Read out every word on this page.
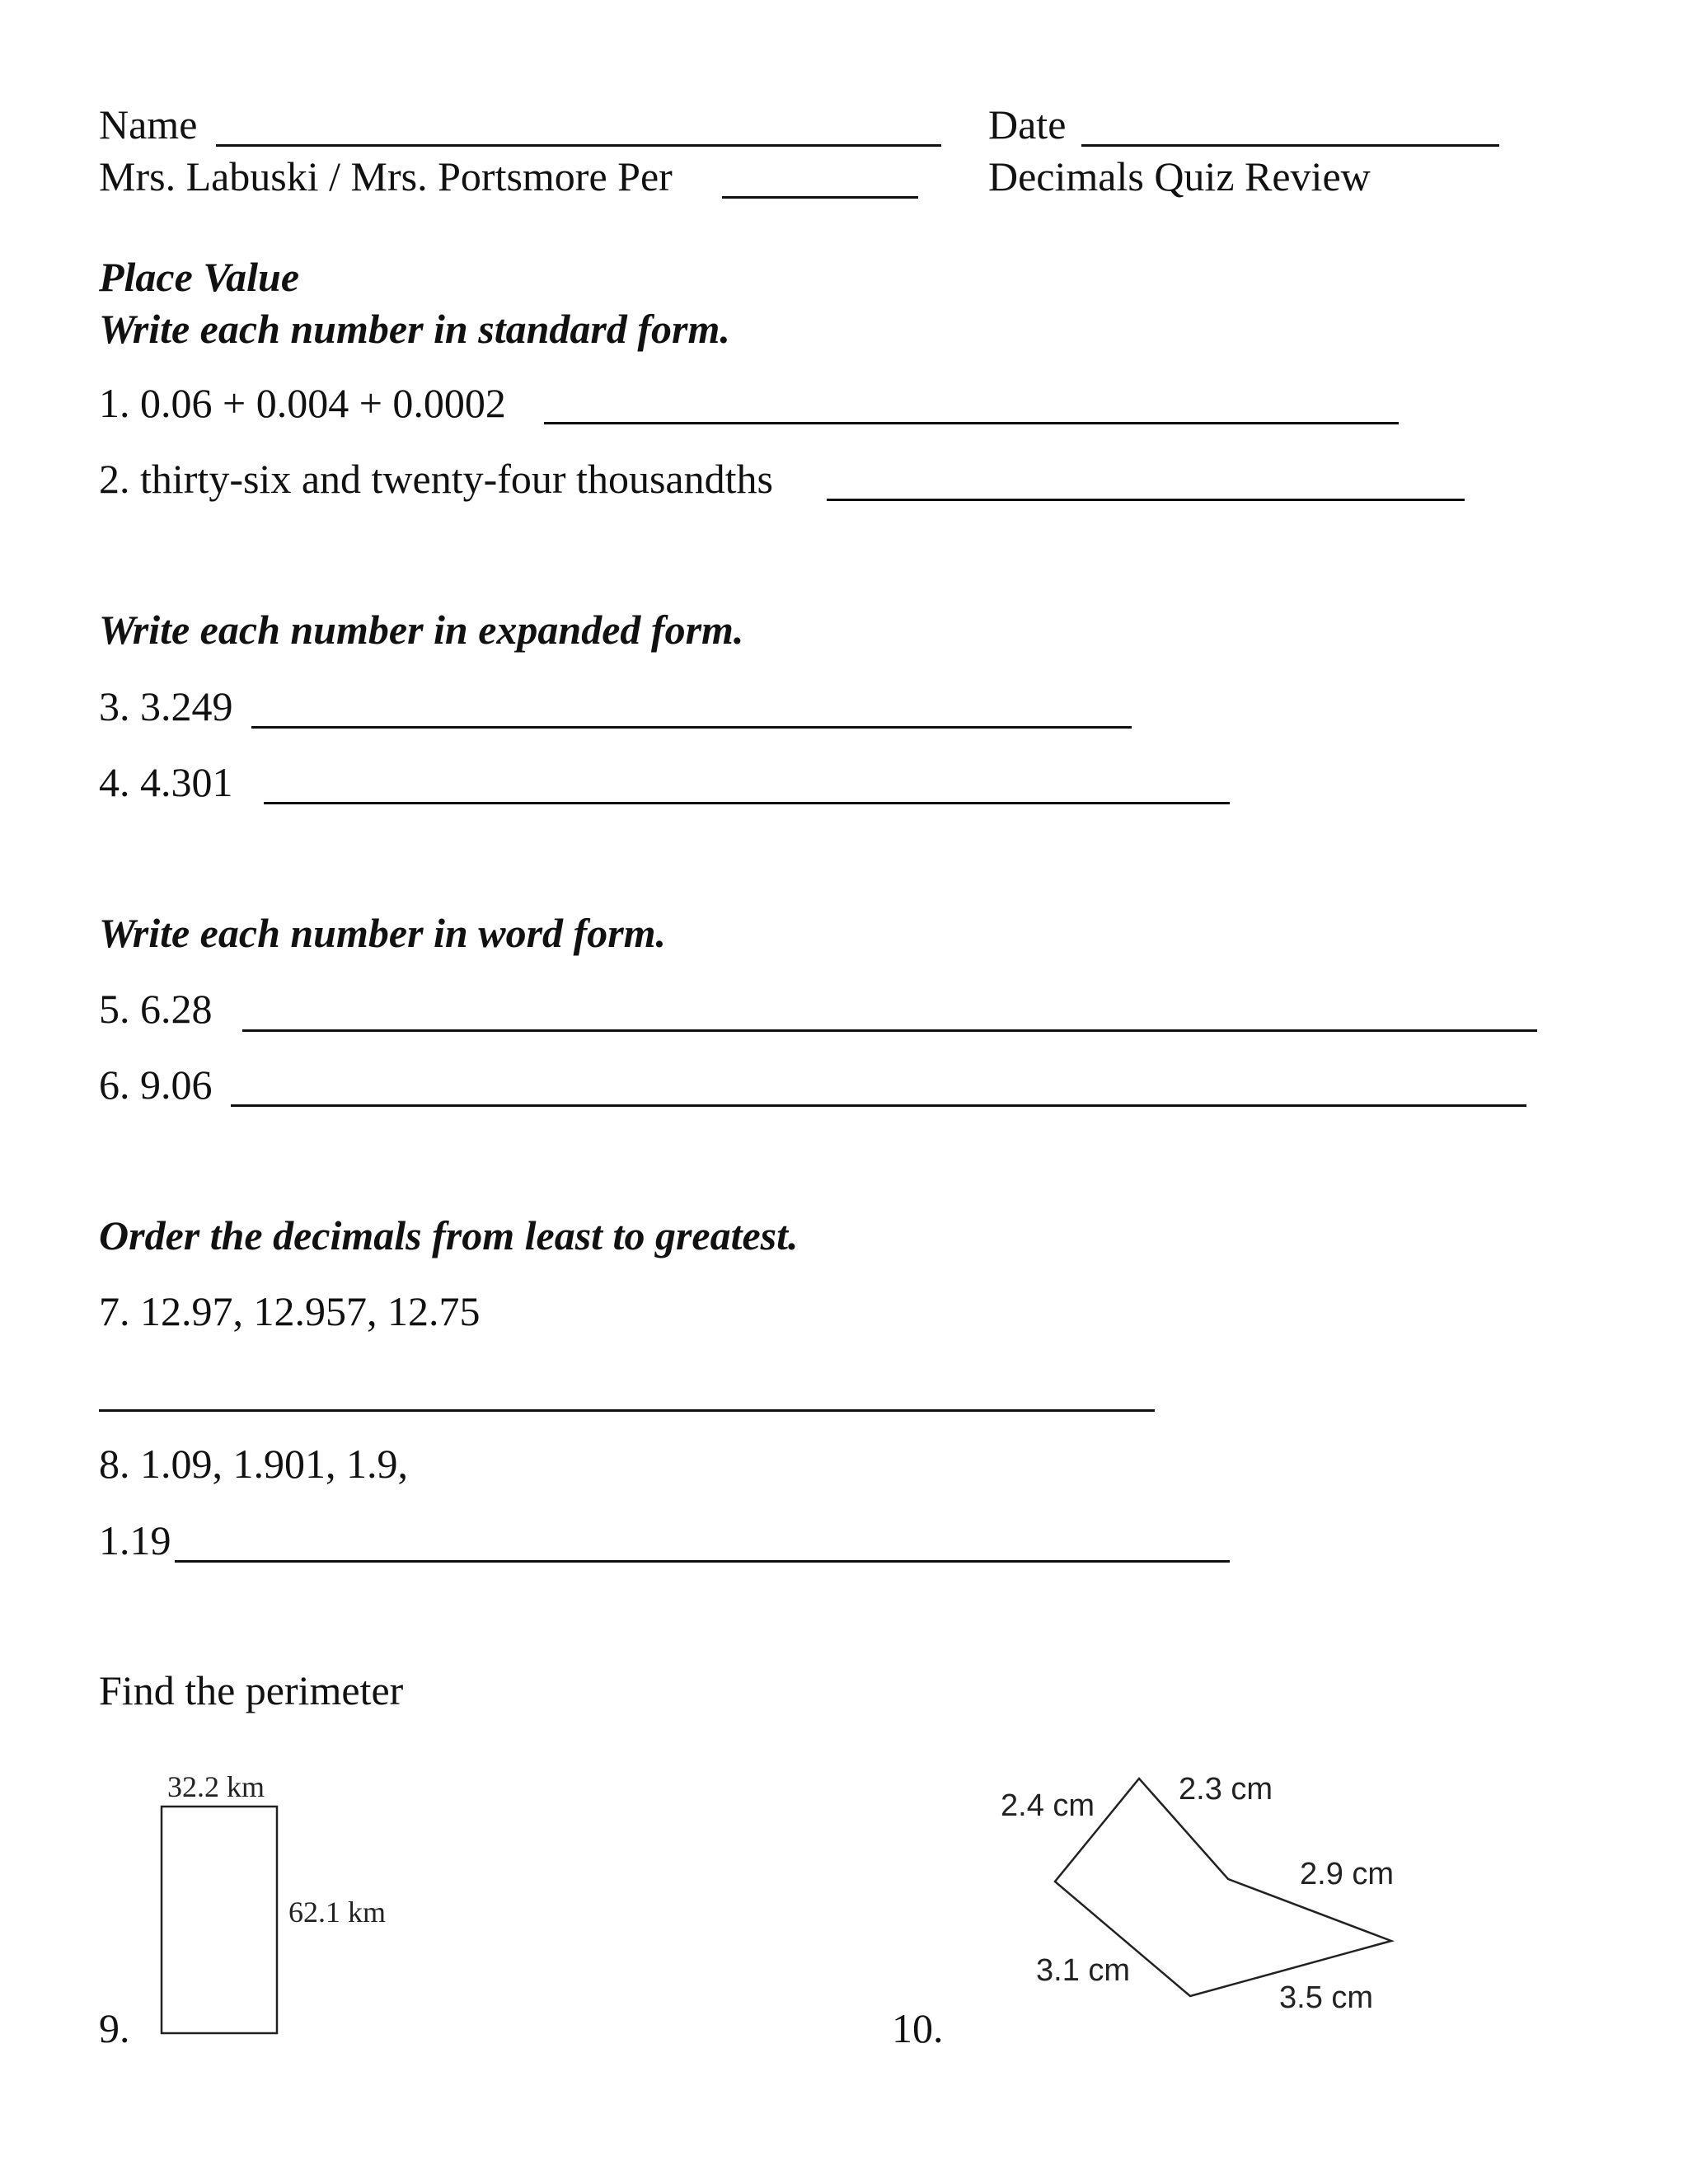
Name	Date
Mrs. Labuski / Mrs. Portsmore Per	Decimals Quiz Review
Place Value
Write each number in standard form.
1. 0.06 + 0.004 + 0.0002
2. thirty-six and twenty-four thousandths
Write each number in expanded form.
3. 3.249
4. 4.301
Write each number in word form.
5. 6.28
6. 9.06
Order the decimals from least to greatest.
7. 12.97, 12.957, 12.75
8. 1.09, 1.901, 1.9,
1.19
Find the perimeter
9.
32.2 km
62.1 km
10.
2.4 cm	2.3 cm
2.9 cm
3.1 cm
3.5 cm
